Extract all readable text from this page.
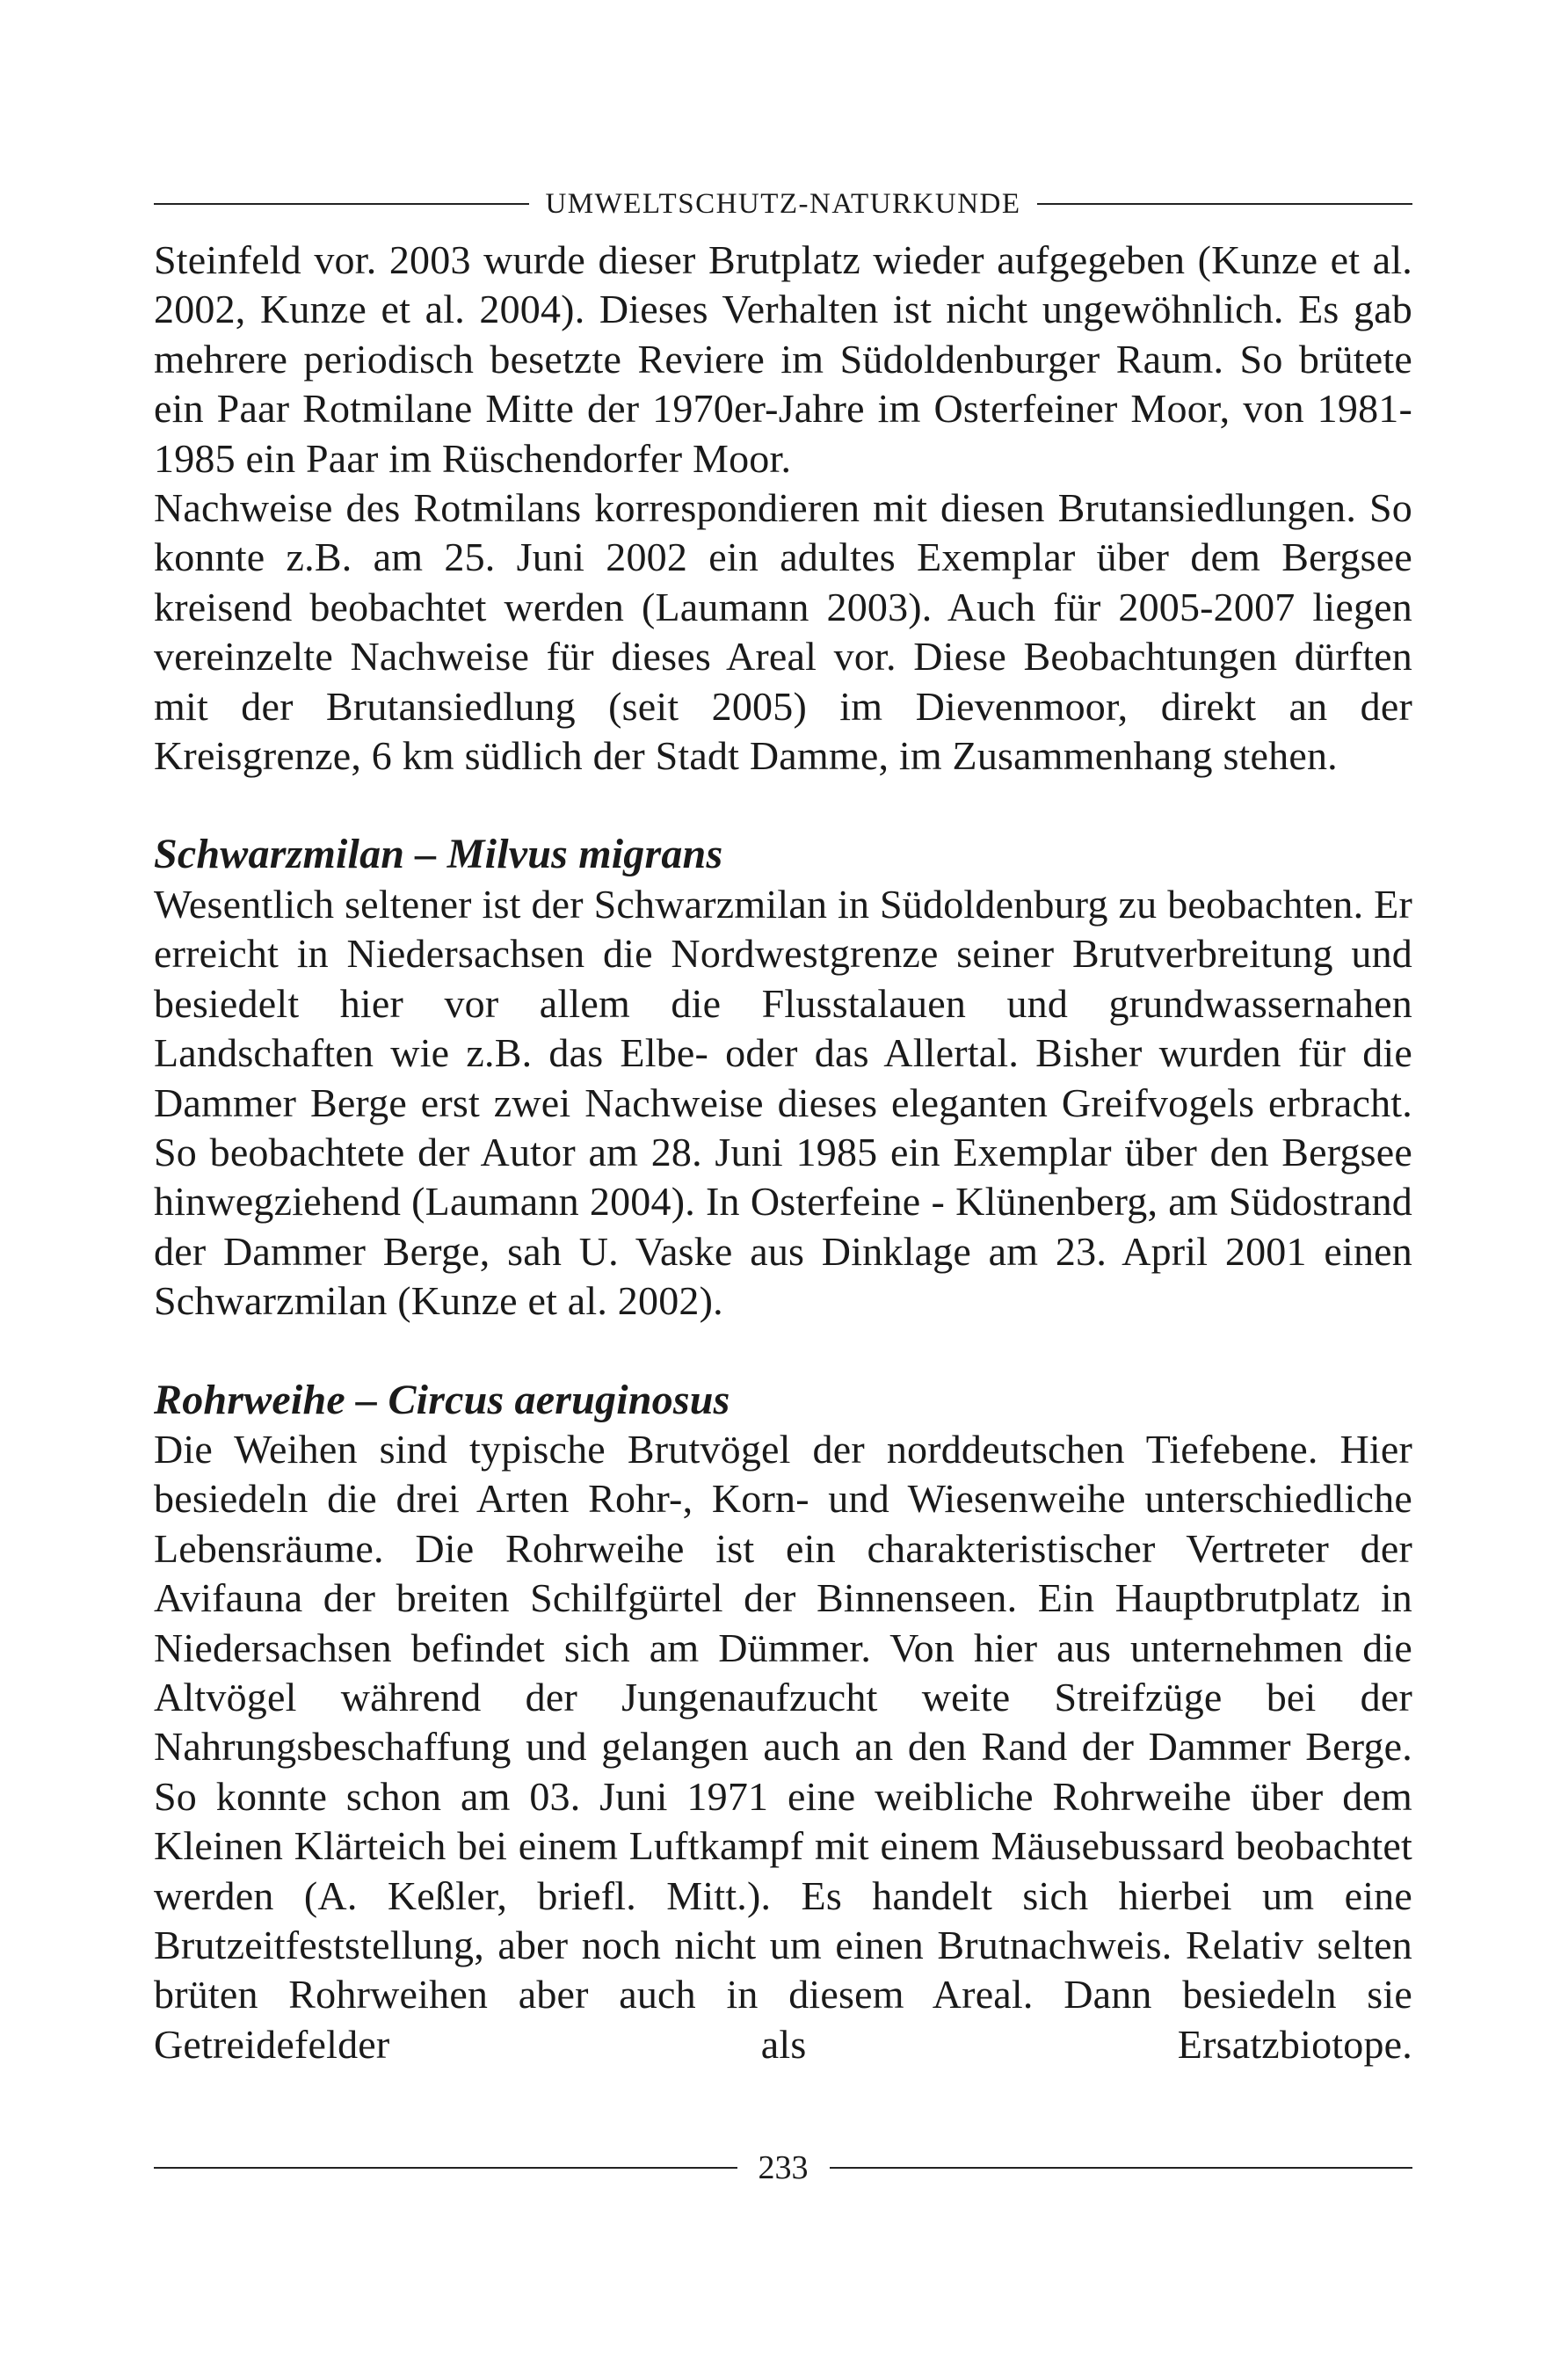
UMWELTSCHUTZ-NATURKUNDE

Steinfeld vor. 2003 wurde dieser Brutplatz wieder aufgegeben (Kunze et al. 2002, Kunze et al. 2004). Dieses Verhalten ist nicht ungewöhnlich. Es gab mehrere periodisch besetzte Reviere im Südoldenburger Raum. So brütete ein Paar Rotmilane Mitte der 1970er-Jahre im Osterfeiner Moor, von 1981-1985 ein Paar im Rüschendorfer Moor.

Nachweise des Rotmilans korrespondieren mit diesen Brutansiedlungen. So konnte z.B. am 25. Juni 2002 ein adultes Exemplar über dem Bergsee kreisend beobachtet werden (Laumann 2003). Auch für 2005-2007 liegen vereinzelte Nachweise für dieses Areal vor. Diese Beobachtungen dürften mit der Brutansiedlung (seit 2005) im Dievenmoor, direkt an der Kreisgrenze, 6 km südlich der Stadt Damme, im Zusammenhang stehen.

Schwarzmilan – Milvus migrans

Wesentlich seltener ist der Schwarzmilan in Südoldenburg zu beobachten. Er erreicht in Niedersachsen die Nordwestgrenze seiner Brutverbreitung und besiedelt hier vor allem die Flusstalauen und grundwassernahen Landschaften wie z.B. das Elbe- oder das Allertal. Bisher wurden für die Dammer Berge erst zwei Nachweise dieses eleganten Greifvogels erbracht. So beobachtete der Autor am 28. Juni 1985 ein Exemplar über den Bergsee hinwegziehend (Laumann 2004). In Osterfeine - Klünenberg, am Südostrand der Dammer Berge, sah U. Vaske aus Dinklage am 23. April 2001 einen Schwarzmilan (Kunze et al. 2002).

Rohrweihe – Circus aeruginosus

Die Weihen sind typische Brutvögel der norddeutschen Tiefebene. Hier besiedeln die drei Arten Rohr-, Korn- und Wiesenweihe unterschiedliche Lebensräume. Die Rohrweihe ist ein charakteristischer Vertreter der Avifauna der breiten Schilfgürtel der Binnenseen. Ein Hauptbrutplatz in Niedersachsen befindet sich am Dümmer. Von hier aus unternehmen die Altvögel während der Jungenaufzucht weite Streifzüge bei der Nahrungsbeschaffung und gelangen auch an den Rand der Dammer Berge. So konnte schon am 03. Juni 1971 eine weibliche Rohrweihe über dem Kleinen Klärteich bei einem Luftkampf mit einem Mäusebussard beobachtet werden (A. Keßler, briefl. Mitt.). Es handelt sich hierbei um eine Brutzeitfeststellung, aber noch nicht um einen Brutnachweis. Relativ selten brüten Rohrweihen aber auch in diesem Areal. Dann besiedeln sie Getreidefelder als Ersatzbiotope.

233
